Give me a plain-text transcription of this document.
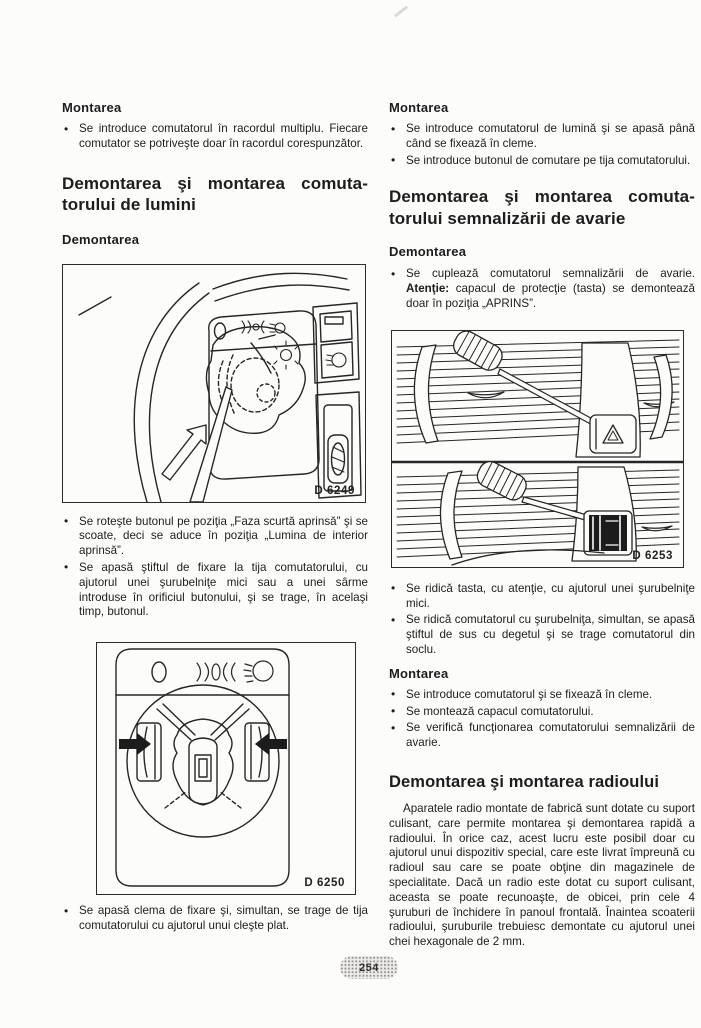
Montarea
• Se introduce comutatorul în racordul multiplu. Fiecare comutator se potriveşte doar în racordul corespunzător.
Demontarea şi montarea comuta-
torului de lumini
Demontarea
D 6249
• Se roteşte butonul pe poziţia „Faza scurtă aprinsă” şi se scoate, deci se aduce în poziţia „Lumina de interior aprinsă”.
• Se apasă ştiftul de fixare la tija comutatorului, cu ajutorul unei şurubelniţe mici sau a unei sârme introduse în orificiul butonului, şi se trage, în acelaşi timp, butonul.
D 6250
• Se apasă clema de fixare şi, simultan, se trage de tija comutatorului cu ajutorul unui cleşte plat.
Montarea
• Se introduce comutatorul de lumină şi se apasă până când se fixează în cleme.
• Se introduce butonul de comutare pe tija comutatorului.
Demontarea şi montarea comuta-
torului semnalizării de avarie
Demontarea
• Se cuplează comutatorul semnalizării de avarie. Atenţie: capacul de protecţie (tasta) se demontează doar în poziţia „APRINS”.
D 6253
• Se ridică tasta, cu atenţie, cu ajutorul unei şurubelniţe mici.
• Se ridică comutatorul cu şurubelniţa, simultan, se apasă ştiftul de sus cu degetul şi se trage comutatorul din soclu.
Montarea
• Se introduce comutatorul şi se fixează în cleme.
• Se montează capacul comutatorului.
• Se verifică funcţionarea comutatorului semnalizării de avarie.
Demontarea şi montarea radioului

Aparatele radio montate de fabrică sunt dotate cu suport culisant, care permite montarea şi demontarea rapidă a radioului. În orice caz, acest lucru este posibil doar cu ajutorul unui dispozitiv special, care este livrat împreună cu radioul sau care se poate obţine din magazinele de specialitate. Dacă un radio este dotat cu suport culisant, aceasta se poate recunoaşte, de obicei, prin cele 4 şuruburi de închidere în panoul frontală. Înaintea scoaterii radioului, şuruburile trebuiesc demontate cu ajutorul unei chei hexagonale de 2 mm.

254
